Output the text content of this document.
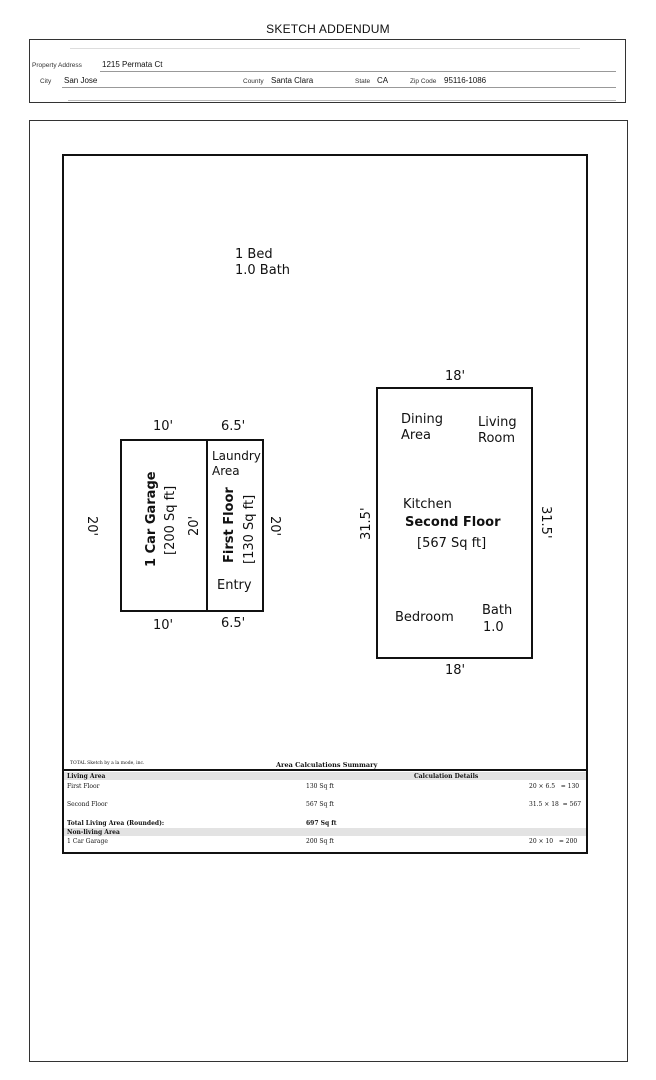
SKETCH ADDENDUM
Property Address	1215 Permata Ct
City San Jose	County Santa Clara	State CA	Zip Code 95116-1086
1 Bed
1.0 Bath
10'
10'
20'	20'
1 Car Garage [200 Sq ft]
6.5'
6.5'
20'
Laundry
Area
First Floor [130 Sq ft]
Entry
18'
18'
31.5'	31.5'
Dining
Area
Living
Room
Kitchen
Second Floor
[567 Sq ft]
Bedroom Bath
1.0
TOTAL Sketch by a la mode, inc.	Area Calculations Summary
Living Area	Calculation Details
First Floor	130 Sq ft	20 × 6.5   = 130
Second Floor	567 Sq ft	31.5 × 18  = 567
Total Living Area (Rounded):	697 Sq ft
Non-living Area
1 Car Garage	200 Sq ft	20 × 10   = 200
